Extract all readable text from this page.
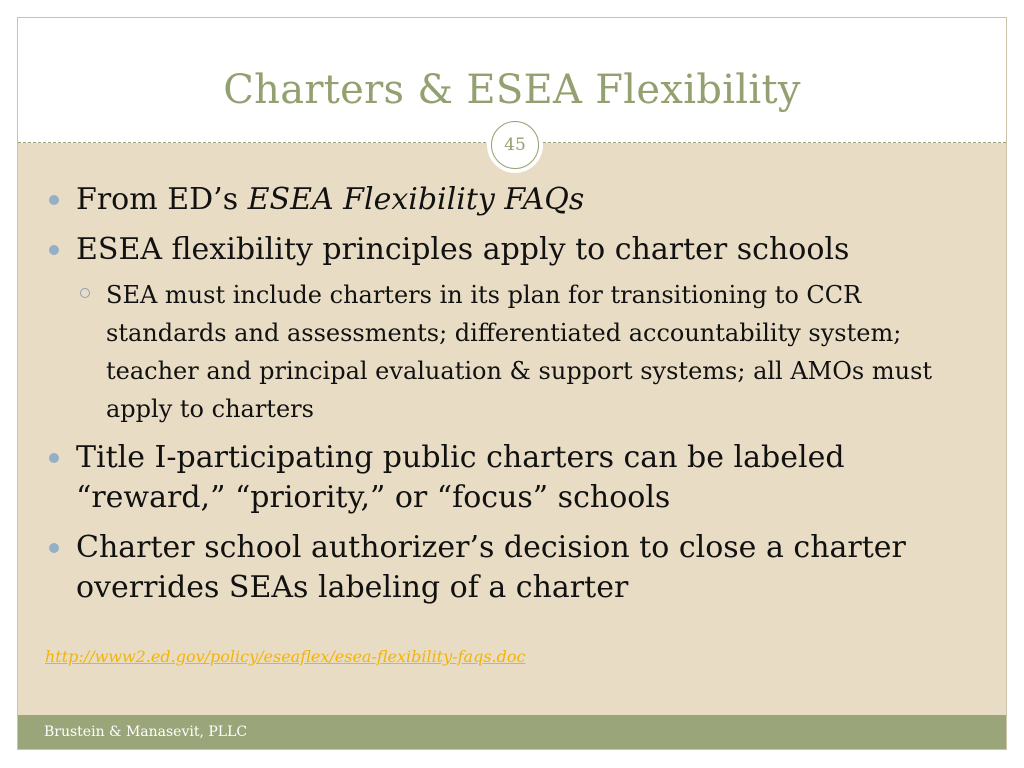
Charters & ESEA Flexibility
45
From ED’s ESEA Flexibility FAQs
ESEA flexibility principles apply to charter schools
SEA must include charters in its plan for transitioning to CCR standards and assessments; differentiated accountability system; teacher and principal evaluation & support systems; all AMOs must apply to charters
Title I-participating public charters can be labeled “reward,” “priority,” or “focus” schools
Charter school authorizer’s decision to close a charter overrides SEAs labeling of a charter
http://www2.ed.gov/policy/eseaflex/esea-flexibility-faqs.doc
Brustein & Manasevit, PLLC
